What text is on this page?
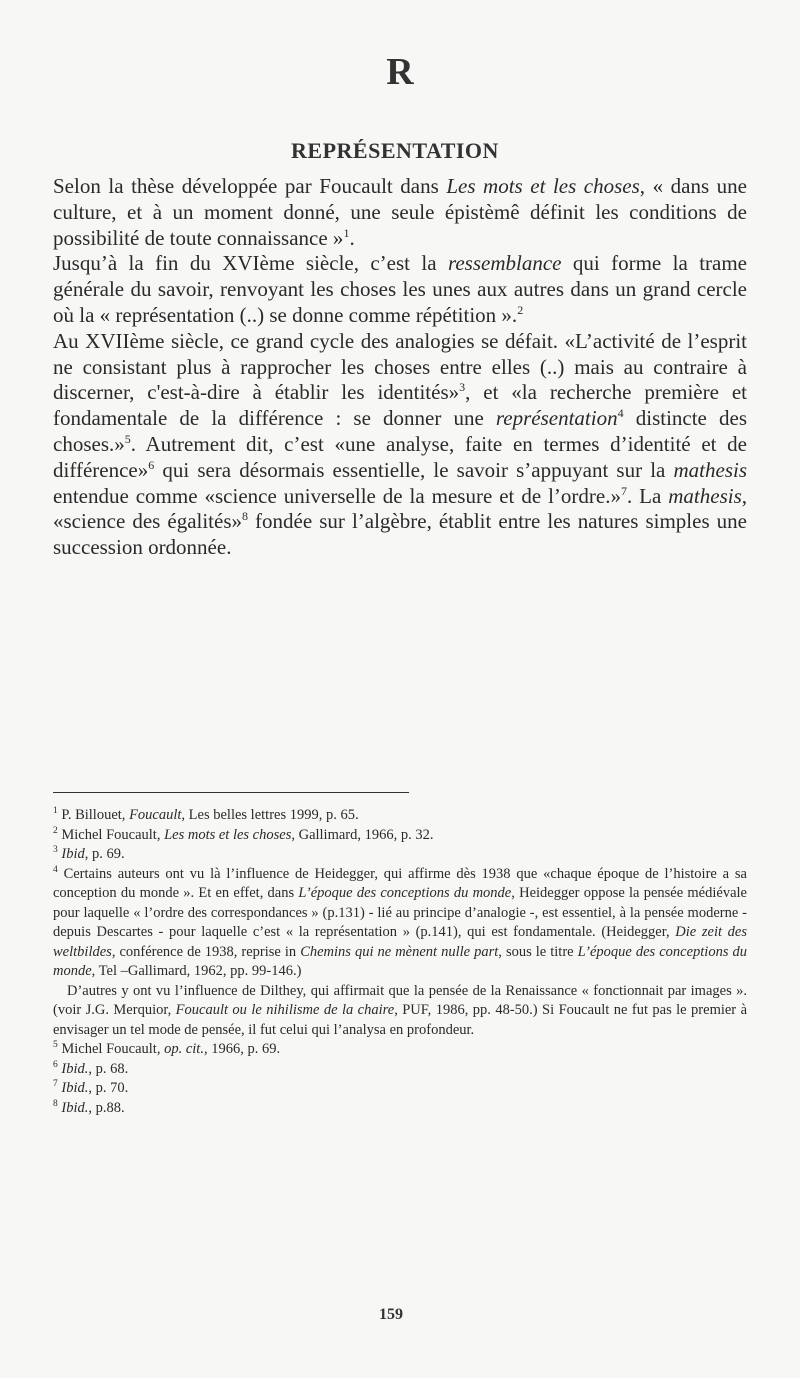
R
REPRÉSENTATION

Selon la thèse développée par Foucault dans Les mots et les choses, « dans une culture, et à un moment donné, une seule épistèmê définit les conditions de possibilité de toute connaissance »$^1$.

Jusqu’à la fin du XVIème siècle, c’est la ressemblance qui forme la trame générale du savoir, renvoyant les choses les unes aux autres dans un grand cercle où la « représentation (..) se donne comme répétition ».$^2$

Au XVIIème siècle, ce grand cycle des analogies se défait. «L’activité de l’esprit ne consistant plus à rapprocher les choses entre elles (..) mais au contraire à discerner, c'est-à-dire à établir les identités»$^3$, et «la recherche première et fondamentale de la différence : se donner une représentation$^4$ distincte des choses.»$^5$. Autrement dit, c’est «une analyse, faite en termes d’identité et de différence»$^6$ qui sera désormais essentielle, le savoir s’appuyant sur la mathesis entendue comme «science universelle de la mesure et de l’ordre.»$^7$. La mathesis, «science des égalités»$^8$ fondée sur l’algèbre, établit entre les natures simples une succession ordonnée.

$^1$ P. Billouet, Foucault, Les belles lettres 1999, p. 65.

$^2$ Michel Foucault, Les mots et les choses, Gallimard, 1966, p. 32.

$^3$ Ibid, p. 69.

$^4$ Certains auteurs ont vu là l’influence de Heidegger, qui affirme dès 1938 que «chaque époque de l’histoire a sa conception du monde ». Et en effet, dans L’époque des conceptions du monde, Heidegger oppose la pensée médiévale pour laquelle « l’ordre des correspondances » (p.131) - lié au principe d’analogie -, est essentiel, à la pensée moderne - depuis Descartes - pour laquelle c’est « la représentation » (p.141), qui est fondamentale. (Heidegger, Die zeit des weltbildes, conférence de 1938, reprise in Chemins qui ne mènent nulle part, sous le titre L’époque des conceptions du monde, Tel –Gallimard, 1962, pp. 99-146.)

D’autres y ont vu l’influence de Dilthey, qui affirmait que la pensée de la Renaissance « fonctionnait par images ». (voir J.G. Merquior, Foucault ou le nihilisme de la chaire, PUF, 1986, pp. 48-50.) Si Foucault ne fut pas le premier à envisager un tel mode de pensée, il fut celui qui l’analysa en profondeur.

$^5$ Michel Foucault, op. cit., 1966, p. 69.

$^6$ Ibid., p. 68.

$^7$ Ibid., p. 70.

$^8$ Ibid., p.88.

159
